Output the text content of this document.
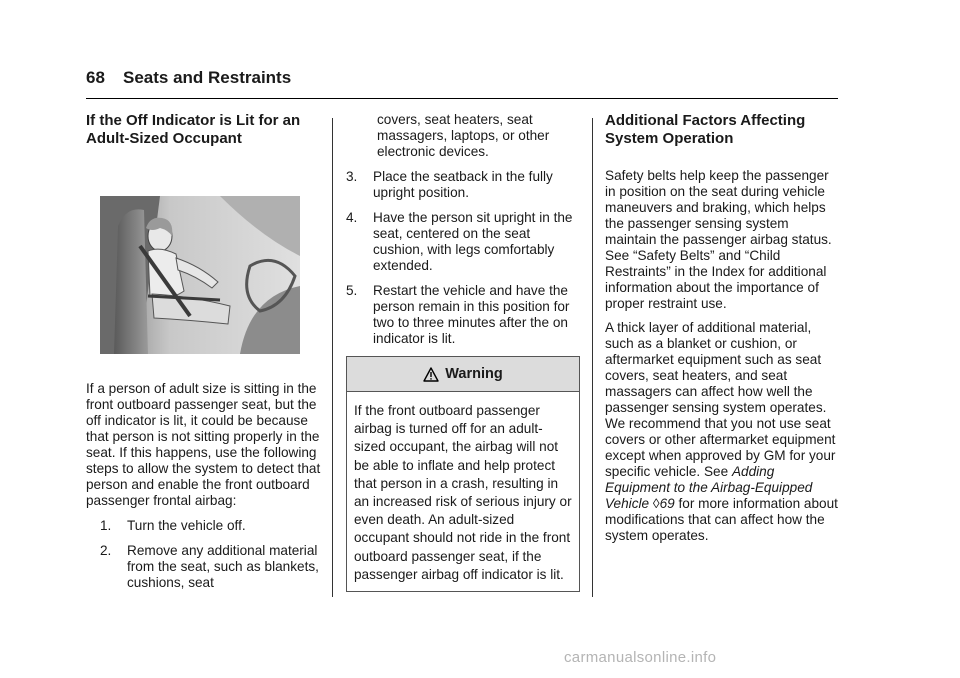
68 Seats and Restraints
If the Off Indicator is Lit for an Adult-Sized Occupant

If a person of adult size is sitting in the front outboard passenger seat, but the off indicator is lit, it could be because that person is not sitting properly in the seat. If this happens, use the following steps to allow the system to detect that person and enable the front outboard passenger frontal airbag:

1.	Turn the vehicle off.
2.	Remove any additional material from the seat, such as blankets, cushions, seat

covers, seat heaters, seat massagers, laptops, or other electronic devices.

3.	Place the seatback in the fully upright position.
4.	Have the person sit upright in the seat, centered on the seat cushion, with legs comfortably extended.
5.	Restart the vehicle and have the person remain in this position for two to three minutes after the on indicator is lit.
Warning
If the front outboard passenger airbag is turned off for an adult-sized occupant, the airbag will not be able to inflate and help protect that person in a crash, resulting in an increased risk of serious injury or even death. An adult-sized occupant should not ride in the front outboard passenger seat, if the passenger airbag off indicator is lit.
Additional Factors Affecting System Operation

Safety belts help keep the passenger in position on the seat during vehicle maneuvers and braking, which helps the passenger sensing system maintain the passenger airbag status. See “Safety Belts” and “Child Restraints” in the Index for additional information about the importance of proper restraint use.

A thick layer of additional material, such as a blanket or cushion, or aftermarket equipment such as seat covers, seat heaters, and seat massagers can affect how well the passenger sensing system operates. We recommend that you not use seat covers or other aftermarket equipment except when approved by GM for your specific vehicle. See Adding Equipment to the Airbag-Equipped Vehicle ◊69 for more information about modifications that can affect how the system operates.

carmanualsonline.info
